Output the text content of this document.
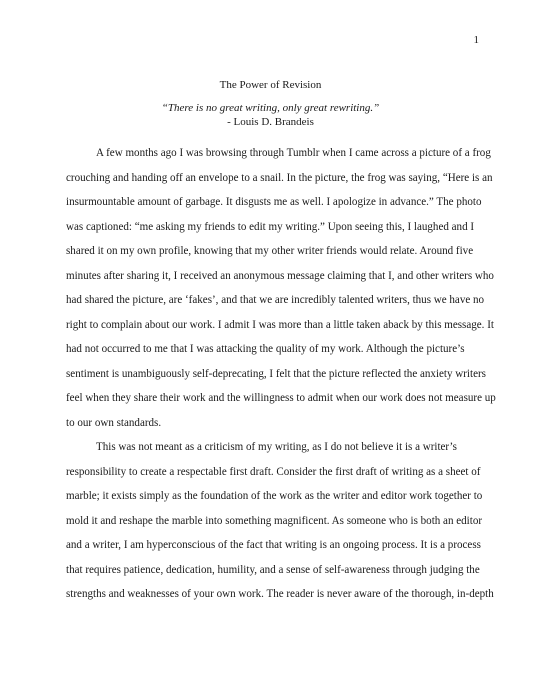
1
The Power of Revision
“There is no great writing, only great rewriting.”
- Louis D. Brandeis

A few months ago I was browsing through Tumblr when I came across a picture of a frog
crouching and handing off an envelope to a snail. In the picture, the frog was saying, “Here is an
insurmountable amount of garbage. It disgusts me as well. I apologize in advance.” The photo
was captioned: “me asking my friends to edit my writing.” Upon seeing this, I laughed and I
shared it on my own profile, knowing that my other writer friends would relate. Around five
minutes after sharing it, I received an anonymous message claiming that I, and other writers who
had shared the picture, are ‘fakes’, and that we are incredibly talented writers, thus we have no
right to complain about our work. I admit I was more than a little taken aback by this message. It
had not occurred to me that I was attacking the quality of my work. Although the picture’s
sentiment is unambiguously self-deprecating, I felt that the picture reflected the anxiety writers
feel when they share their work and the willingness to admit when our work does not measure up
to our own standards.

This was not meant as a criticism of my writing, as I do not believe it is a writer’s
responsibility to create a respectable first draft. Consider the first draft of writing as a sheet of
marble; it exists simply as the foundation of the work as the writer and editor work together to
mold it and reshape the marble into something magnificent. As someone who is both an editor
and a writer, I am hyperconscious of the fact that writing is an ongoing process. It is a process
that requires patience, dedication, humility, and a sense of self-awareness through judging the
strengths and weaknesses of your own work. The reader is never aware of the thorough, in-depth
